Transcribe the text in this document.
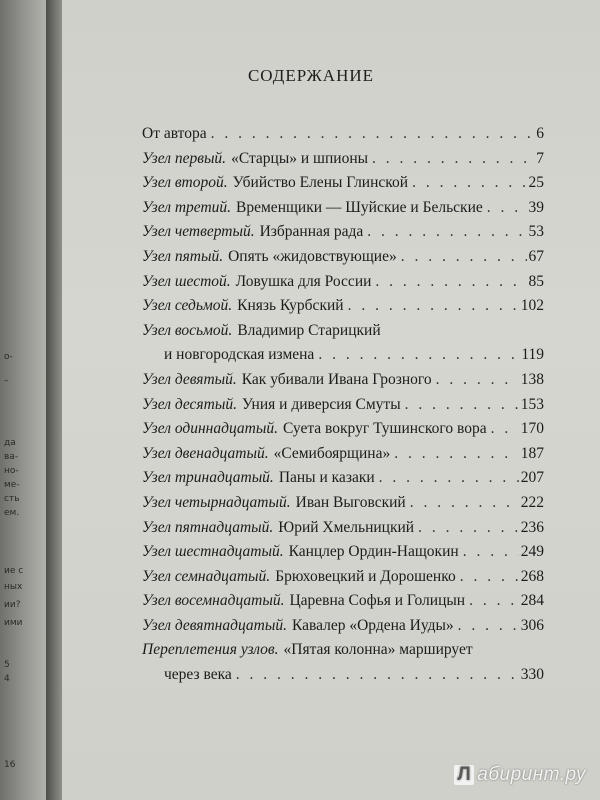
о-
–
да
ва-
но-
ме-
сть
ем.
ие с
ных
ии?
ими
5
4
16
СОДЕРЖАНИЕ
От автора . . .	6
Узел первый. «Старцы» и шпионы . . .	7
Узел второй. Убийство Елены Глинской . . .	25
Узел третий. Временщики — Шуйские и Бельские . . .	39
Узел четвертый. Избранная рада . . .	53
Узел пятый. Опять «жидовствующие» . . .	67
Узел шестой. Ловушка для России . . .	85
Узел седьмой. Князь Курбский . . .	102
Узел восьмой. Владимир Старицкий
и новгородская измена . . .	119
Узел девятый. Как убивали Ивана Грозного . . .	138
Узел десятый. Уния и диверсия Смуты . . .	153
Узел одиннадцатый. Суета вокруг Тушинского вора . . . 170
Узел двенадцатый. «Семибоярщина» . . .	187
Узел тринадцатый. Паны и казаки . . .	207
Узел четырнадцатый. Иван Выговский . . .	222
Узел пятнадцатый. Юрий Хмельницкий . . .	236
Узел шестнадцатый. Канцлер Ордин-Нащокин . . .	249
Узел семнадцатый. Брюховецкий и Дорошенко . . .	268
Узел восемнадцатый. Царевна Софья и Голицын . . .	284
Узел девятнадцатый. Кавалер «Ордена Иуды» . . .	306
Переплетения узлов. «Пятая колонна» марширует
через века . . .	330
Л абиринт.ру
